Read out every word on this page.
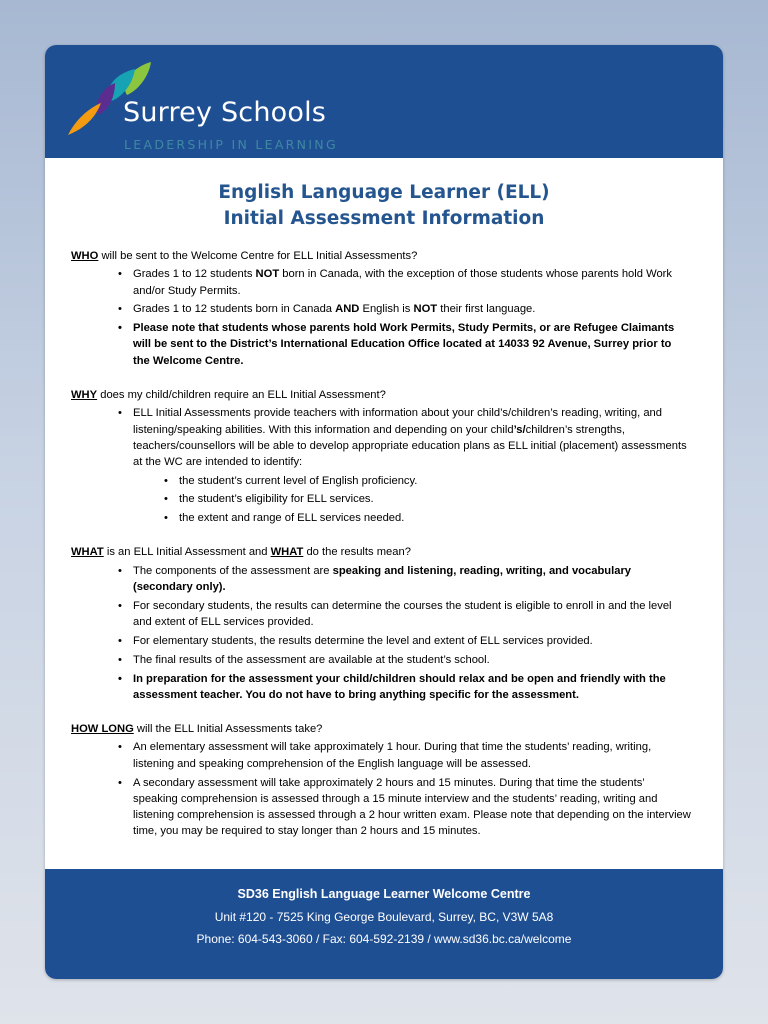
Surrey Schools

LEADERSHIP IN LEARNING

English Language Learner (ELL)
Initial Assessment Information
WHO will be sent to the Welcome Centre for ELL Initial Assessments?
• Grades 1 to 12 students NOT born in Canada, with the exception of those students whose parents hold Work and/or Study Permits.
• Grades 1 to 12 students born in Canada AND English is NOT their first language.
• Please note that students whose parents hold Work Permits, Study Permits, or are Refugee Claimants will be sent to the District’s International Education Office located at 14033 92 Avenue, Surrey prior to the Welcome Centre.
WHY does my child/children require an ELL Initial Assessment?
• ELL Initial Assessments provide teachers with information about your child’s/children’s reading, writing, and listening/speaking abilities. With this information and depending on your child’s/children’s strengths, teachers/counsellors will be able to develop appropriate education plans as ELL initial (placement) assessments at the WC are intended to identify:
• the student’s current level of English proficiency.
• the student’s eligibility for ELL services.
• the extent and range of ELL services needed.
WHAT is an ELL Initial Assessment and WHAT do the results mean?
• The components of the assessment are speaking and listening, reading, writing, and vocabulary (secondary only).
• For secondary students, the results can determine the courses the student is eligible to enroll in and the level and extent of ELL services provided.
• For elementary students, the results determine the level and extent of ELL services provided.
• The final results of the assessment are available at the student’s school.
• In preparation for the assessment your child/children should relax and be open and friendly with the assessment teacher. You do not have to bring anything specific for the assessment.
HOW LONG will the ELL Initial Assessments take?
• An elementary assessment will take approximately 1 hour. During that time the students’ reading, writing, listening and speaking comprehension of the English language will be assessed.
• A secondary assessment will take approximately 2 hours and 15 minutes. During that time the students’ speaking comprehension is assessed through a 15 minute interview and the students’ reading, writing and listening comprehension is assessed through a 2 hour written exam. Please note that depending on the interview time, you may be required to stay longer than 2 hours and 15 minutes.
SD36 English Language Learner Welcome Centre
Unit #120 - 7525 King George Boulevard, Surrey, BC, V3W 5A8
Phone: 604-543-3060 / Fax: 604-592-2139 / www.sd36.bc.ca/welcome
